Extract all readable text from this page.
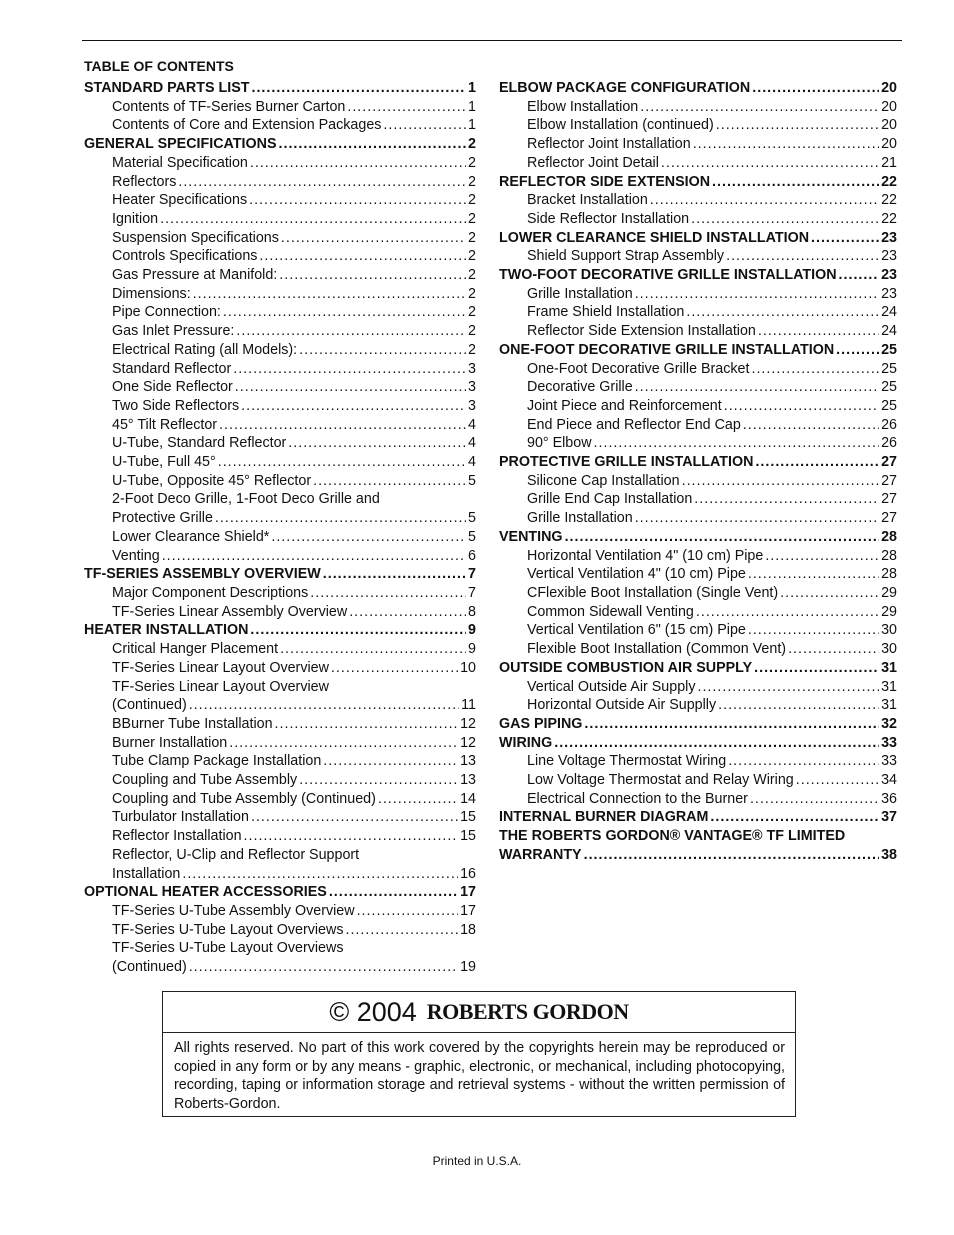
TABLE OF CONTENTS
STANDARD PARTS LIST .....	1
Contents of TF-Series Burner Carton .....	1
Contents of Core and Extension Packages .....	1
GENERAL SPECIFICATIONS .....	2
Material Specification .....	2
Reflectors .....	2
Heater Specifications .....	2
Ignition .....	2
Suspension Specifications .....	2
Controls Specifications .....	2
Gas Pressure at Manifold: .....	2
Dimensions: .....	2
Pipe Connection: .....	2
Gas Inlet Pressure: .....	2
Electrical Rating (all Models): .....	2
Standard Reflector .....	3
One Side Reflector .....	3
Two Side Reflectors .....	3
45° Tilt Reflector .....	4
U-Tube, Standard Reflector .....	4
U-Tube, Full 45° .....	4
U-Tube, Opposite 45° Reflector .....	5
2-Foot Deco Grille, 1-Foot Deco Grille and
Protective Grille .....	5
Lower Clearance Shield* .....	5
Venting .....	6
TF-SERIES ASSEMBLY OVERVIEW .....	7
Major Component Descriptions .....	7
TF-Series Linear Assembly Overview .....	8
HEATER INSTALLATION .....	9
Critical Hanger Placement .....	9
TF-Series Linear Layout Overview .....	10
TF-Series Linear Layout Overview
(Continued) .....	11
BBurner Tube Installation .....	12
Burner Installation .....	12
Tube Clamp Package Installation .....	13
Coupling and Tube Assembly .....	13
Coupling and Tube Assembly (Continued) .....	14
Turbulator Installation .....	15
Reflector Installation .....	15
Reflector, U-Clip and Reflector Support
Installation .....	16
OPTIONAL HEATER ACCESSORIES .....	17
TF-Series U-Tube Assembly Overview .....	17
TF-Series U-Tube Layout Overviews .....	18
TF-Series U-Tube Layout Overviews
(Continued) .....	19
ELBOW PACKAGE CONFIGURATION .....	20
Elbow Installation .....	20
Elbow Installation (continued) .....	20
Reflector Joint Installation .....	20
Reflector Joint Detail .....	21
REFLECTOR SIDE EXTENSION .....	22
Bracket Installation .....	22
Side Reflector Installation .....	22
LOWER CLEARANCE SHIELD INSTALLATION .....	23
Shield Support Strap Assembly .....	23
TWO-FOOT DECORATIVE GRILLE INSTALLATION .....	23
Grille Installation .....	23
Frame Shield Installation .....	24
Reflector Side Extension Installation .....	24
ONE-FOOT DECORATIVE GRILLE INSTALLATION .....	25
One-Foot Decorative Grille Bracket .....	25
Decorative Grille .....	25
Joint Piece and Reinforcement .....	25
End Piece and Reflector End Cap .....	26
90° Elbow .....	26
PROTECTIVE GRILLE INSTALLATION .....	27
Silicone Cap Installation .....	27
Grille End Cap Installation .....	27
Grille Installation .....	27
VENTING .....	28
Horizontal Ventilation 4" (10 cm) Pipe .....	28
Vertical Ventilation 4" (10 cm) Pipe .....	28
CFlexible Boot Installation (Single Vent) .....	29
Common Sidewall Venting .....	29
Vertical Ventilation 6" (15 cm) Pipe .....	30
Flexible Boot Installation (Common Vent) .....	30
OUTSIDE COMBUSTION AIR SUPPLY .....	31
Vertical Outside Air Supply .....	31
Horizontal Outside Air Supplly .....	31
GAS PIPING .....	32
WIRING .....	33
Line Voltage Thermostat Wiring .....	33
Low Voltage Thermostat and Relay Wiring .....	34
Electrical Connection to the Burner .....	36
INTERNAL BURNER DIAGRAM .....	37
THE ROBERTS GORDON® VANTAGE® TF LIMITED
WARRANTY .....	38
© 2004 ROBERTS GORDON
All rights reserved. No part of this work covered by the copyrights herein may be reproduced or copied in any form or by any means - graphic, electronic, or mechanical, including photocopying, recording, taping or information storage and retrieval systems - without the written permission of Roberts-Gordon.
Printed in U.S.A.
